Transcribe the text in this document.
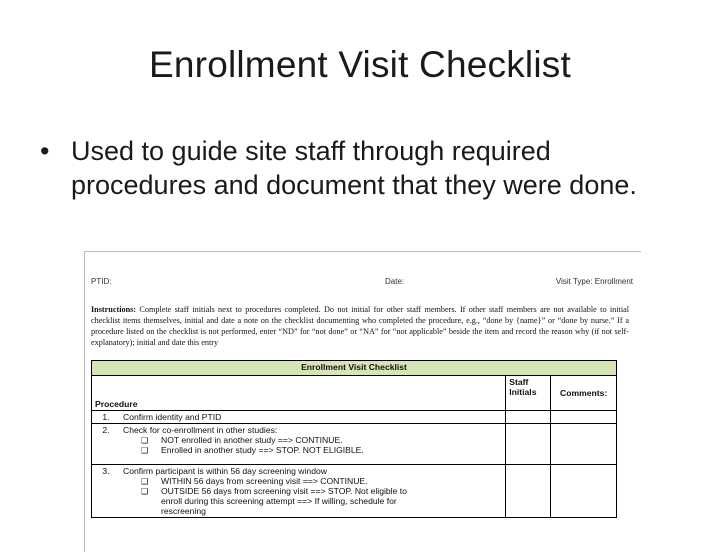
Enrollment Visit Checklist
• Used to guide site staff through required procedures and document that they were done.
PTID:	Date:	Visit Type: Enrollment
Instructions: Complete staff initials next to procedures completed. Do not initial for other staff members. If other staff members are not available to initial checklist items themselves, initial and date a note on the checklist documenting who completed the procedure, e.g., “done by {name}” or “done by nurse.” If a procedure listed on the checklist is not performed, enter “ND” for “not done” or “NA” for “not applicable” beside the item and record the reason why (if not self-explanatory); initial and date this entry
Enrollment Visit Checklist			
Procedure		Staff Initials	Comments:
1.	Confirm identity and PTID		
2.	Check for co-enrollment in other studies:
❑ NOT enrolled in another study ==> CONTINUE.
❑ Enrolled in another study ==> STOP. NOT ELIGIBLE.		

3.	Confirm participant is within 56 day screening window
❑ WITHIN 56 days from screening visit ==> CONTINUE.
❑ OUTSIDE 56 days from screening visit ==> STOP. Not eligible to
enroll during this screening attempt ==> If willing, schedule for
rescreening		
